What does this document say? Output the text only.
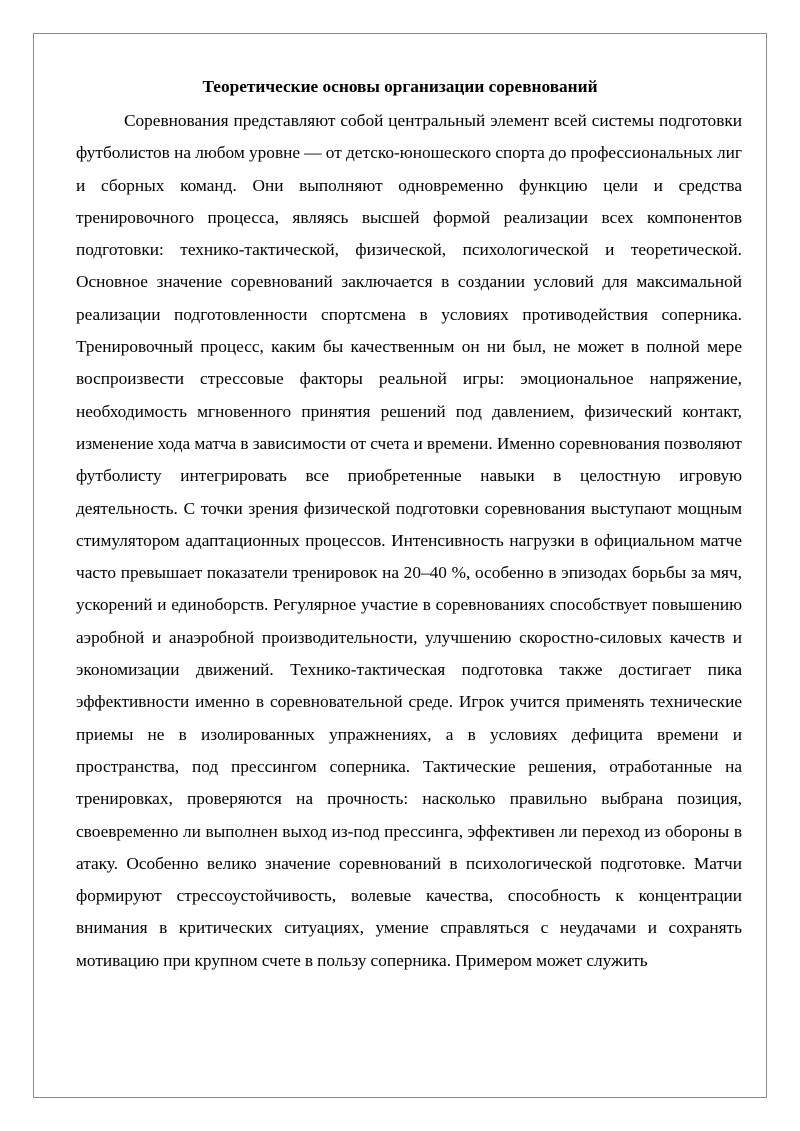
Теоретические основы организации соревнований

Соревнования представляют собой центральный элемент всей системы подготовки футболистов на любом уровне — от детско-юношеского спорта до профессиональных лиг и сборных команд. Они выполняют одновременно функцию цели и средства тренировочного процесса, являясь высшей формой реализации всех компонентов подготовки: технико-тактической, физической, психологической и теоретической. Основное значение соревнований заключается в создании условий для максимальной реализации подготовленности спортсмена в условиях противодействия соперника. Тренировочный процесс, каким бы качественным он ни был, не может в полной мере воспроизвести стрессовые факторы реальной игры: эмоциональное напряжение, необходимость мгновенного принятия решений под давлением, физический контакт, изменение хода матча в зависимости от счета и времени. Именно соревнования позволяют футболисту интегрировать все приобретенные навыки в целостную игровую деятельность. С точки зрения физической подготовки соревнования выступают мощным стимулятором адаптационных процессов. Интенсивность нагрузки в официальном матче часто превышает показатели тренировок на 20–40 %, особенно в эпизодах борьбы за мяч, ускорений и единоборств. Регулярное участие в соревнованиях способствует повышению аэробной и анаэробной производительности, улучшению скоростно-силовых качеств и экономизации движений. Технико-тактическая подготовка также достигает пика эффективности именно в соревновательной среде. Игрок учится применять технические приемы не в изолированных упражнениях, а в условиях дефицита времени и пространства, под прессингом соперника. Тактические решения, отработанные на тренировках, проверяются на прочность: насколько правильно выбрана позиция, своевременно ли выполнен выход из-под прессинга, эффективен ли переход из обороны в атаку. Особенно велико значение соревнований в психологической подготовке. Матчи формируют стрессоустойчивость, волевые качества, способность к концентрации внимания в критических ситуациях, умение справляться с неудачами и сохранять мотивацию при крупном счете в пользу соперника. Примером может служить
